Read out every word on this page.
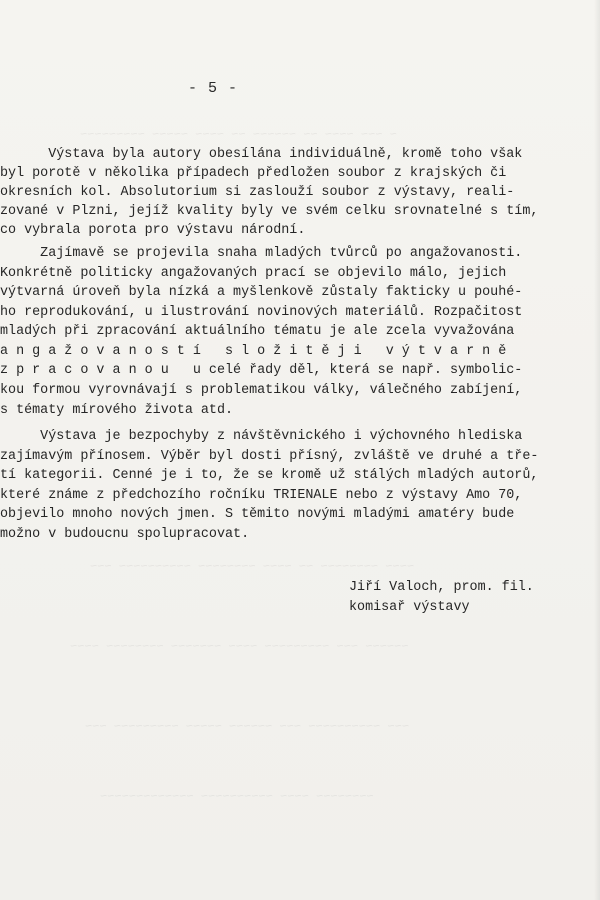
~ ~~~ ~~~~ ~~ ~~~~~~ ~~ ~~~~ ~~~~~ ~~~~~~~~~
~~~~ ~~~~~~~~ ~~ ~~~~ ~~~~~~~~ ~~~~~~~~~~ ~~~
~~~~~~ ~~~ ~~~~~~~~~ ~~~~ ~~~~~~~ ~~~~~~~~ ~~~~
~~~ ~~~~~~~~~~ ~~~ ~~~~~~ ~~~~~ ~~~~~~~~~ ~~~
~~~~~~~~ ~~~~ ~~~~~~~~~~ ~~~~~~~~~~~~~
- 5 -
Výstava byla autory obesílána individuálně, kromě toho však
byl porotě v několika případech předložen soubor z krajských či
okresních kol. Absolutorium si zaslouží soubor z výstavy, reali-
zované v Plzni, jejíž kvality byly ve svém celku srovnatelné s tím,
co vybrala porota pro výstavu národní.
Zajímavě se projevila snaha mladých tvůrců po angažovanosti.
Konkrétně politicky angažovaných prací se objevilo málo, jejich
výtvarná úroveň byla nízká a myšlenkově zůstaly fakticky u pouhé-
ho reprodukování, u ilustrování novinových materiálů. Rozpačitost
mladých při zpracování aktuálního tématu je ale zcela vyvažována
a n g a ž o v a n o s t í   s l o ž i t ě j i   v ý t v a r n ě
z p r a c o v a n o u   u celé řady děl, která se např. symbolic-
kou formou vyrovnávají s problematikou války, válečného zabíjení,
s tématy mírového života atd.
Výstava je bezpochyby z návštěvnického i výchovného hlediska
zajímavým přínosem. Výběr byl dosti přísný, zvláště ve druhé a tře-
tí kategorii. Cenné je i to, že se kromě už stálých mladých autorů,
které známe z předchozího ročníku TRIENALE nebo z výstavy Amo 70,
objevilo mnoho nových jmen. S těmito novými mladými amatéry bude
možno v budoucnu spolupracovat.
Jiří Valoch, prom. fil.
komisař výstavy
